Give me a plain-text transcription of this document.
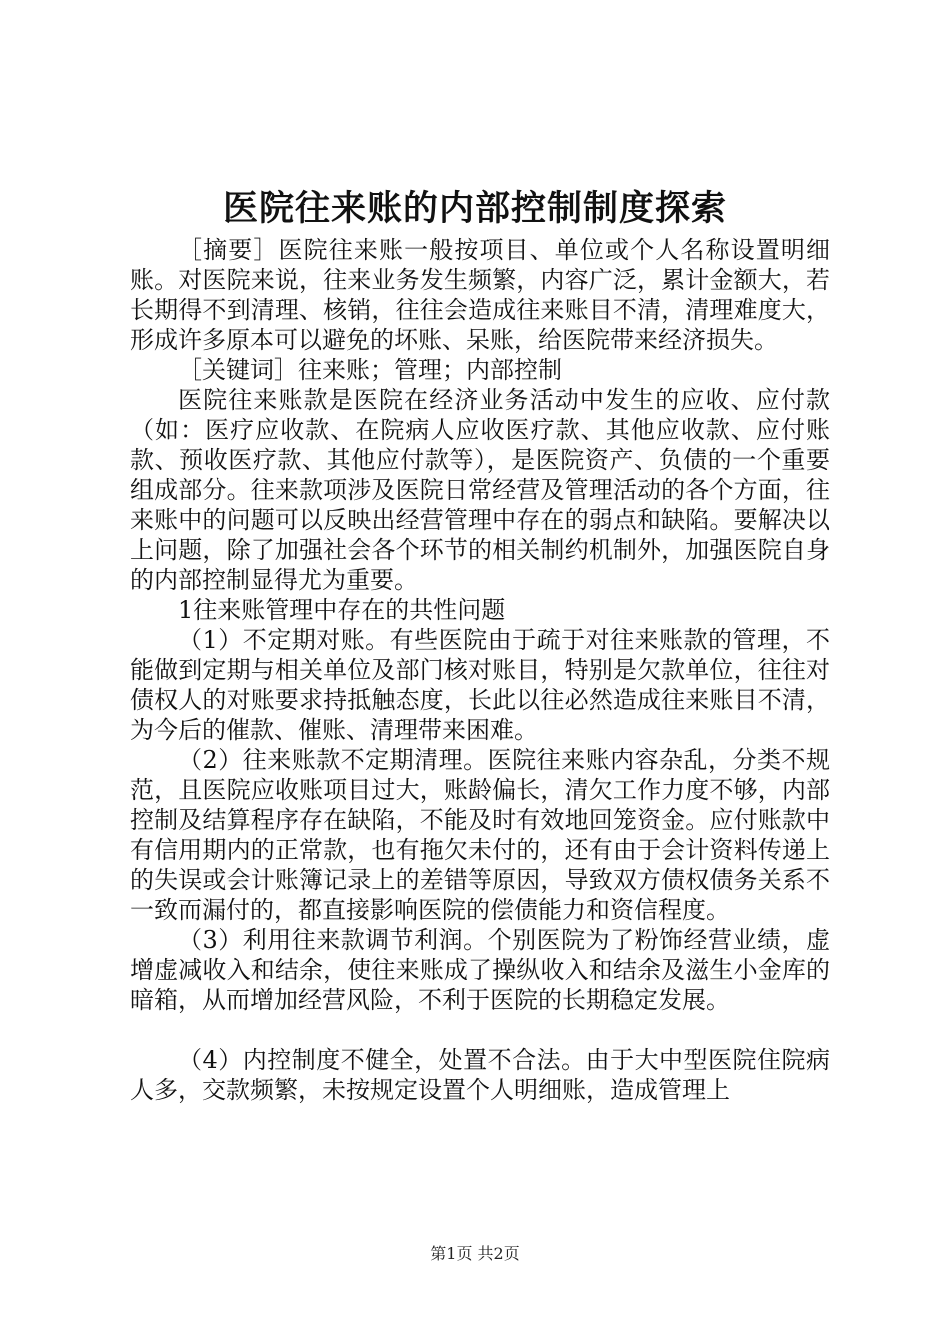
医院往来账的内部控制制度探索

［摘要］医院往来账一般按项目、单位或个人名称设置明细账。对医院来说，往来业务发生频繁，内容广泛，累计金额大，若长期得不到清理、核销，往往会造成往来账目不清，清理难度大，形成许多原本可以避免的坏账、呆账，给医院带来经济损失。

［关键词］往来账；管理；内部控制

医院往来账款是医院在经济业务活动中发生的应收、应付款（如：医疗应收款、在院病人应收医疗款、其他应收款、应付账款、预收医疗款、其他应付款等），是医院资产、负债的一个重要组成部分。往来款项涉及医院日常经营及管理活动的各个方面，往来账中的问题可以反映出经营管理中存在的弱点和缺陷。要解决以上问题，除了加强社会各个环节的相关制约机制外，加强医院自身的内部控制显得尤为重要。

1往来账管理中存在的共性问题

（1）不定期对账。有些医院由于疏于对往来账款的管理，不能做到定期与相关单位及部门核对账目，特别是欠款单位，往往对债权人的对账要求持抵触态度，长此以往必然造成往来账目不清，为今后的催款、催账、清理带来困难。

（2）往来账款不定期清理。医院往来账内容杂乱，分类不规范，且医院应收账项目过大，账龄偏长，清欠工作力度不够，内部控制及结算程序存在缺陷，不能及时有效地回笼资金。应付账款中有信用期内的正常款，也有拖欠未付的，还有由于会计资料传递上的失误或会计账簿记录上的差错等原因，导致双方债权债务关系不一致而漏付的，都直接影响医院的偿债能力和资信程度。

（3）利用往来款调节利润。个别医院为了粉饰经营业绩，虚增虚减收入和结余，使往来账成了操纵收入和结余及滋生小金库的暗箱，从而增加经营风险，不利于医院的长期稳定发展。

（4）内控制度不健全，处置不合法。由于大中型医院住院病人多，交款频繁，未按规定设置个人明细账，造成管理上

第1页 共2页
